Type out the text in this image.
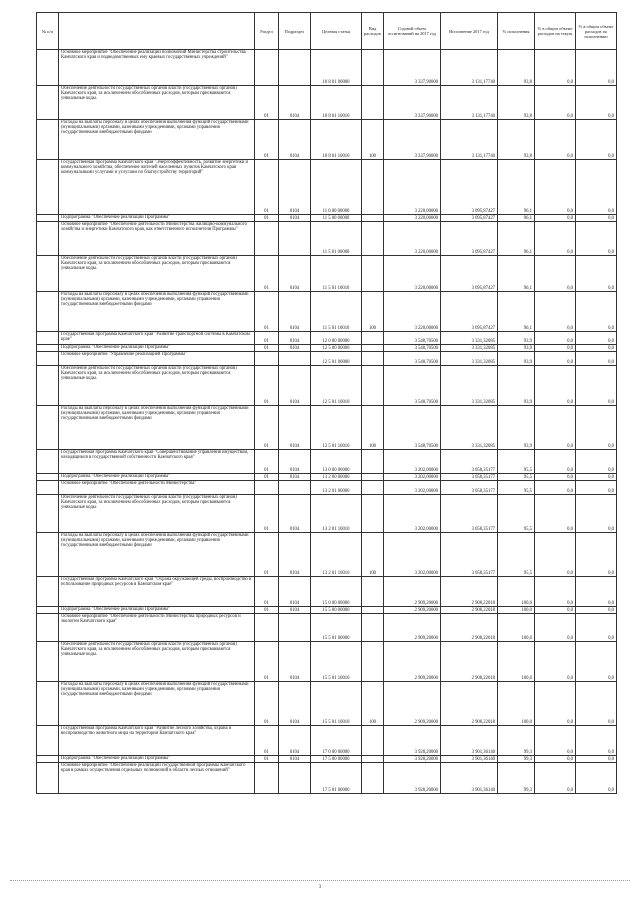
№ п/п		Раздел	Подраздел	Целевая статья	Вид расходов	Годовой объем ассигнований на 2017 год	Исполнение 2017 год	% исполнения	% в общем объеме расходов на текущ	% в общем объеме расходов по исполнению
	Основное мероприятие "Обеспечение реализации полномочий Министерства строительства Камчатского края и подведомственных ему краевых государственных учреждений"			10 8 01 00000		3 337,90000	3 131,17740	93,8	0,0	0,0
	Обеспечение деятельности государственных органов власти (государственных органов) Камчатского края, за исключением обособленных расходов, которым присваиваются уникальные коды.	01	0104	10 8 01 10010		3 337,90000	3 131,17740	93,8	0,0	0,0
	Расходы на выплаты персоналу в целях обеспечения выполнения функций государственными (муниципальными) органами, казенными учреждениями, органами управления государственными внебюджетными фондами	01	0104	10 8 01 10010	100	3 337,90000	3 131,17740	93,8	0,0	0,0
	Государственная программа Камчатского края "Энергоэффективность, развитие энергетики и коммунального хозяйства, обеспечение жителей населенных пунктов Камчатского края коммунальными услугами и услугами по благоустройству территорий"	01	0104	11 0 00 00000		3 220,00000	3 095,87427	96,1	0,0	0,0
	Подпрограмма "Обеспечение реализации Программы"	01	0104	11 5 00 00000		3 220,00000	3 095,87427	96,1	0,0	0,0
	Основное мероприятие "Обеспечение деятельности Министерства жилищно-коммунального хозяйства и энергетики Камчатского края, как ответственного исполнителя Программы"			11 5 01 00000		3 220,00000	3 095,87427	96,1	0,0	0,0
	Обеспечение деятельности государственных органов власти (государственных органов) Камчатского края, за исключением обособленных расходов, которым присваиваются уникальные коды.	01	0104	11 5 01 10010		3 220,00000	3 095,87427	96,1	0,0	0,0
	Расходы на выплаты персоналу в целях обеспечения выполнения функций государственными (муниципальными) органами, казенными учреждениями, органами управления государственными внебюджетными фондами	01	0104	11 5 01 10010	100	3 220,00000	3 095,87427	96,1	0,0	0,0
	Государственная программа Камчатского края "Развитие транспортной системы в Камчатском крае"	01	0104	12 0 00 00000		3 548,70500	3 331,32085	93,9	0,0	0,0
	Подпрограмма "Обеспечение реализации Программы"	01	0104	12 5 00 00000		3 548,70500	3 331,32085	93,9	0,0	0,0
	Основное мероприятие "Управление реализацией Программы"			12 5 01 00000		3 548,70500	3 331,32085	93,9	0,0	0,0
	Обеспечение деятельности государственных органов власти (государственных органов) Камчатского края, за исключением обособленных расходов, которым присваиваются уникальные коды.	01	0104	12 5 01 10010		3 548,70500	3 331,32085	93,9	0,0	0,0
	Расходы на выплаты персоналу в целях обеспечения выполнения функций государственными (муниципальными) органами, казенными учреждениями, органами управления государственными внебюджетными фондами	01	0104	12 5 01 10010	100	3 548,70500	3 331,32085	93,9	0,0	0,0
	Государственная программа Камчатского края "Совершенствование управления имуществом, находящимся в государственной собственности Камчатского края"	01	0104	13 0 00 00000		3 202,00000	3 058,35177	95,5	0,0	0,0
	Подпрограмма "Обеспечение реализации Программы"	01	0104	13 2 00 00000		3 202,00000	3 058,35177	95,5	0,0	0,0
	Основное мероприятие "Обеспечение деятельности Министерства"			13 2 01 00000		3 202,00000	3 058,35177	95,5	0,0	0,0
	Обеспечение деятельности государственных органов власти (государственных органов) Камчатского края, за исключением обособленных расходов, которым присваиваются уникальные коды.	01	0104	13 2 01 10010		3 202,00000	3 058,35177	95,5	0,0	0,0
	Расходы на выплаты персоналу в целях обеспечения выполнения функций государственными (муниципальными) органами, казенными учреждениями, органами управления государственными внебюджетными фондами	01	0104	13 2 01 10010	100	3 202,00000	3 058,35177	95,5	0,0	0,0
	Государственная программа Камчатского края "Охрана окружающей среды, воспроизводство и использование природных ресурсов в Камчатском крае"	01	0104	15 0 00 00000		2 909,20000	2 908,22018	100,0	0,0	0,0
	Подпрограмма "Обеспечение реализации Программы"	01	0104	15 5 00 00000		2 909,20000	2 908,22018	100,0	0,0	0,0
	Основное мероприятие "Обеспечение деятельности Министерства природных ресурсов и экологии Камчатского края"			15 5 01 00000		2 909,20000	2 908,22018	100,0	0,0	0,0
	Обеспечение деятельности государственных органов власти (государственных органов) Камчатского края, за исключением обособленных расходов, которым присваиваются уникальные коды.	01	0104	15 5 01 10010		2 909,20000	2 908,22018	100,0	0,0	0,0
	Расходы на выплаты персоналу в целях обеспечения выполнения функций государственными (муниципальными) органами, казенными учреждениями, органами управления государственными внебюджетными фондами	01	0104	15 5 01 10010	100	2 909,20000	2 908,22018	100,0	0,0	0,0
	Государственная программа Камчатского края "Развитие лесного хозяйства, охрана и воспроизводство животного мира на территории Камчатского края"	01	0104	17 0 00 00000		3 928,20000	3 901,36140	99,3	0,0	0,0
	Подпрограмма "Обеспечение реализации Программы"	01	0104	17 5 00 00000		3 928,20000	3 901,36140	99,3	0,0	0,0
	Основное мероприятие "Обеспечение реализации государственной программы Камчатского края в рамках осуществления отдельных полномочий в области лесных отношений"			17 5 01 00000		3 928,20000	3 901,36140	99,3	0,0	0,0
3
